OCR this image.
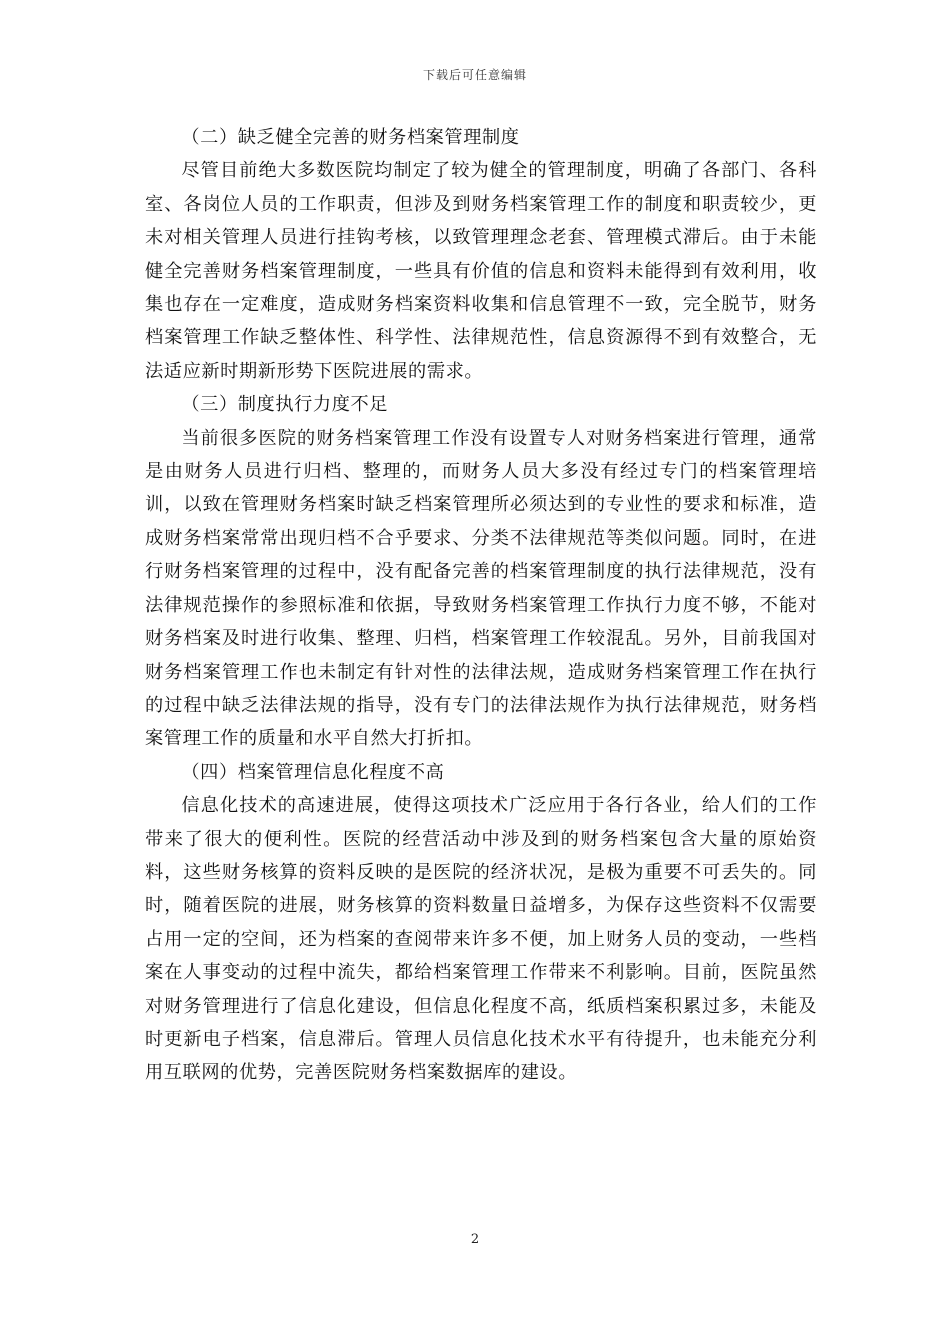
下载后可任意编辑

（二）缺乏健全完善的财务档案管理制度

尽管目前绝大多数医院均制定了较为健全的管理制度，明确了各部门、各科室、各岗位人员的工作职责，但涉及到财务档案管理工作的制度和职责较少，更未对相关管理人员进行挂钩考核，以致管理理念老套、管理模式滞后。由于未能健全完善财务档案管理制度，一些具有价值的信息和资料未能得到有效利用，收集也存在一定难度，造成财务档案资料收集和信息管理不一致，完全脱节，财务档案管理工作缺乏整体性、科学性、法律规范性，信息资源得不到有效整合，无法适应新时期新形势下医院进展的需求。

（三）制度执行力度不足

当前很多医院的财务档案管理工作没有设置专人对财务档案进行管理，通常是由财务人员进行归档、整理的，而财务人员大多没有经过专门的档案管理培训，以致在管理财务档案时缺乏档案管理所必须达到的专业性的要求和标准，造成财务档案常常出现归档不合乎要求、分类不法律规范等类似问题。同时，在进行财务档案管理的过程中，没有配备完善的档案管理制度的执行法律规范，没有法律规范操作的参照标准和依据，导致财务档案管理工作执行力度不够，不能对财务档案及时进行收集、整理、归档，档案管理工作较混乱。另外，目前我国对财务档案管理工作也未制定有针对性的法律法规，造成财务档案管理工作在执行的过程中缺乏法律法规的指导，没有专门的法律法规作为执行法律规范，财务档案管理工作的质量和水平自然大打折扣。

（四）档案管理信息化程度不高

信息化技术的高速进展，使得这项技术广泛应用于各行各业，给人们的工作带来了很大的便利性。医院的经营活动中涉及到的财务档案包含大量的原始资料，这些财务核算的资料反映的是医院的经济状况，是极为重要不可丢失的。同时，随着医院的进展，财务核算的资料数量日益增多，为保存这些资料不仅需要占用一定的空间，还为档案的查阅带来许多不便，加上财务人员的变动，一些档案在人事变动的过程中流失，都给档案管理工作带来不利影响。目前，医院虽然对财务管理进行了信息化建设，但信息化程度不高，纸质档案积累过多，未能及时更新电子档案，信息滞后。管理人员信息化技术水平有待提升，也未能充分利用互联网的优势，完善医院财务档案数据库的建设。

2
